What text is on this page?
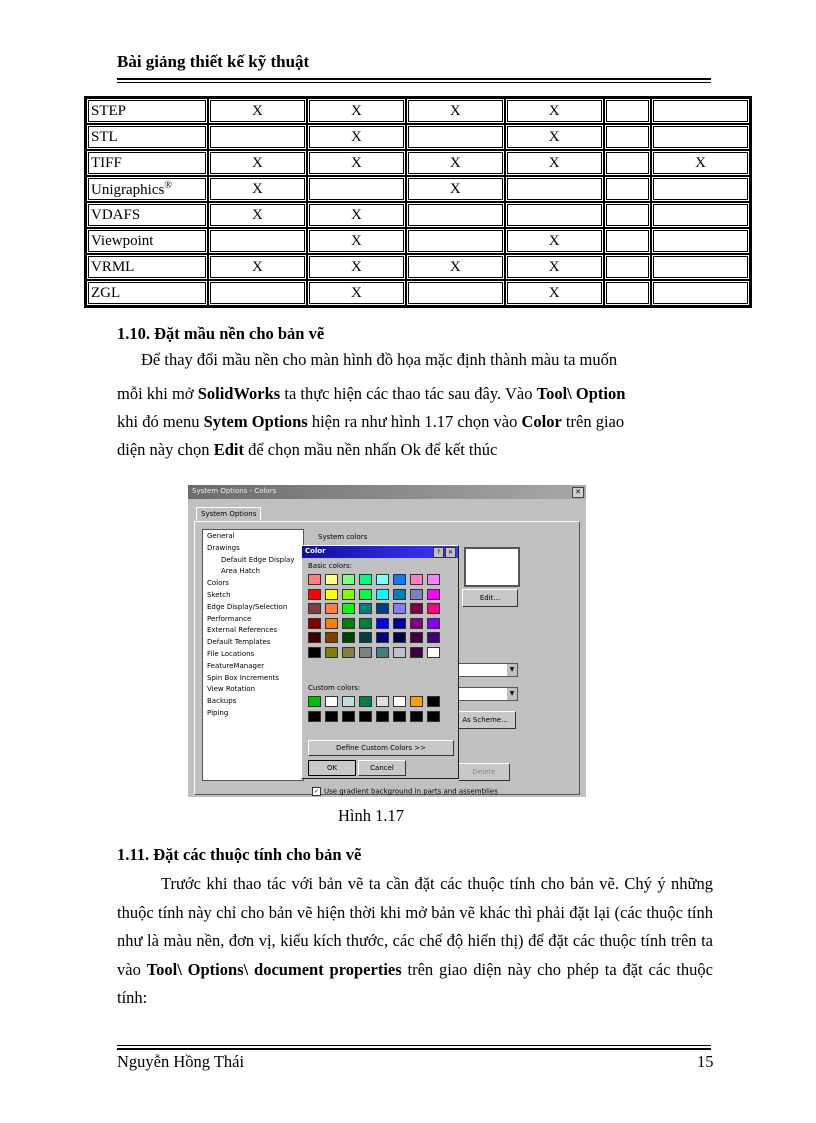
Bài giảng thiết kế kỹ thuật
STEP	X	X	X	X		
STL		X		X		
TIFF	X	X	X	X		X
Unigraphics®	X		X			
VDAFS	X	X				
Viewpoint		X		X		
VRML	X	X	X	X		
ZGL		X		X		
1.10. Đặt mầu nền cho bản vẽ
Để thay đổi mầu nền cho màn hình đồ họa mặc định thành màu ta muốn
mỗi khi mở SolidWorks ta thực hiện các thao tác sau đây. Vào Tool\ Option
khi đó menu Sytem Options hiện ra như hình 1.17 chọn vào Color trên giao
diện này chọn Edit để chọn mầu nền nhấn Ok để kết thúc
System Options - Colors	✕
System Options
General
Drawings
Default Edge Display
Area Hatch
Colors
Sketch
Edge Display/Selection
Performance
External References
Default Templates
File Locations
FeatureManager
Spin Box Increments
View Rotation
Backups
Piping
System colors
Edit...
▼
▼
As Scheme...
Delete
✓ Use gradient background in parts and assemblies
Color	?	✕
Basic colors:
Custom colors:
Define Custom Colors >>
OK	Cancel
Hình 1.17
1.11. Đặt các thuộc tính cho bản vẽ
Trước khi thao tác với bản vẽ ta cần đặt các thuộc tính cho bản vẽ. Chý ý những thuộc tính này chỉ cho bản vẽ hiện thời khi mở bản vẽ khác thì phải đặt lại (các thuộc tính như là màu nền, đơn vị, kiểu kích thước, các chế độ hiển thị) để đặt các thuộc tính trên ta vào Tool\ Options\ document properties trên giao diện này cho phép ta đặt các thuộc tính:
Nguyễn Hồng Thái	15
